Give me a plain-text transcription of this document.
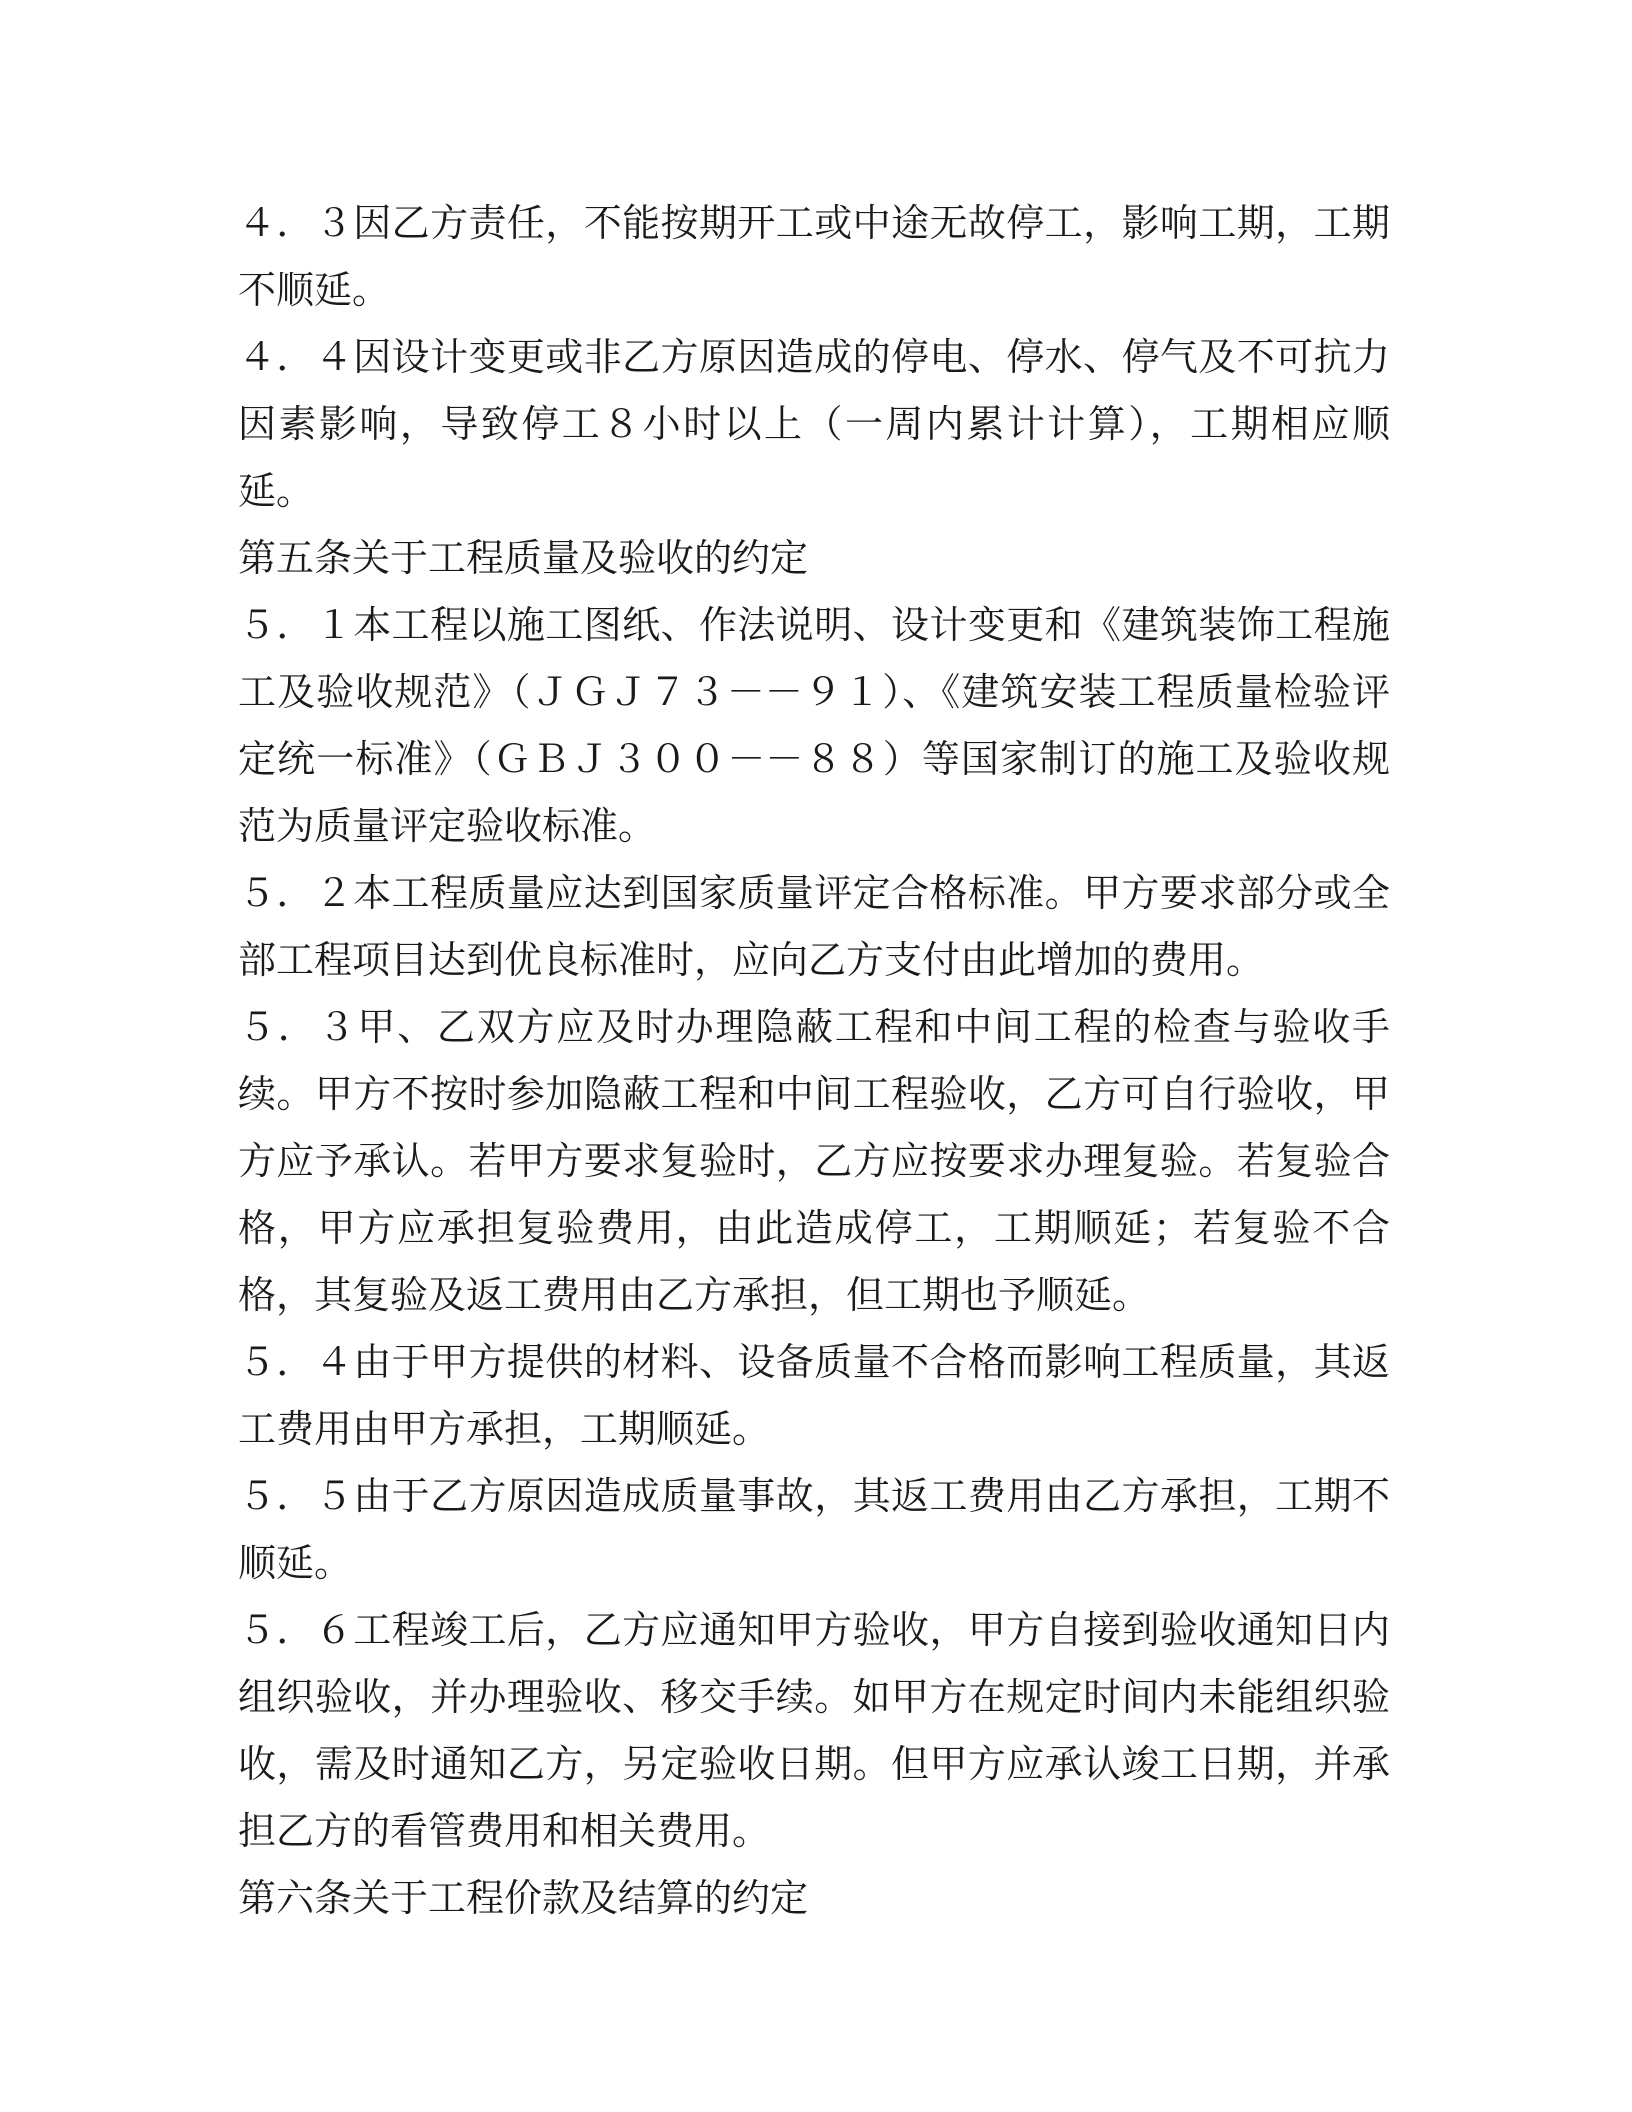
４．３因乙方责任，不能按期开工或中途无故停工，影响工期，工期不顺延。

４．４因设计变更或非乙方原因造成的停电、停水、停气及不可抗力因素影响，导致停工８小时以上（一周内累计计算），工期相应顺延。

第五条关于工程质量及验收的约定

５．１本工程以施工图纸、作法说明、设计变更和《建筑装饰工程施工及验收规范》（ＪＧＪ７３－－９１）、《建筑安装工程质量检验评定统一标准》（ＧＢＪ３００－－８８）等国家制订的施工及验收规范为质量评定验收标准。

５．２本工程质量应达到国家质量评定合格标准。甲方要求部分或全部工程项目达到优良标准时，应向乙方支付由此增加的费用。

５．３甲、乙双方应及时办理隐蔽工程和中间工程的检查与验收手续。甲方不按时参加隐蔽工程和中间工程验收，乙方可自行验收，甲方应予承认。若甲方要求复验时，乙方应按要求办理复验。若复验合格，甲方应承担复验费用，由此造成停工，工期顺延；若复验不合格，其复验及返工费用由乙方承担，但工期也予顺延。

５．４由于甲方提供的材料、设备质量不合格而影响工程质量，其返工费用由甲方承担，工期顺延。

５．５由于乙方原因造成质量事故，其返工费用由乙方承担，工期不顺延。

５．６工程竣工后，乙方应通知甲方验收，甲方自接到验收通知日内组织验收，并办理验收、移交手续。如甲方在规定时间内未能组织验收，需及时通知乙方，另定验收日期。但甲方应承认竣工日期，并承担乙方的看管费用和相关费用。

第六条关于工程价款及结算的约定
